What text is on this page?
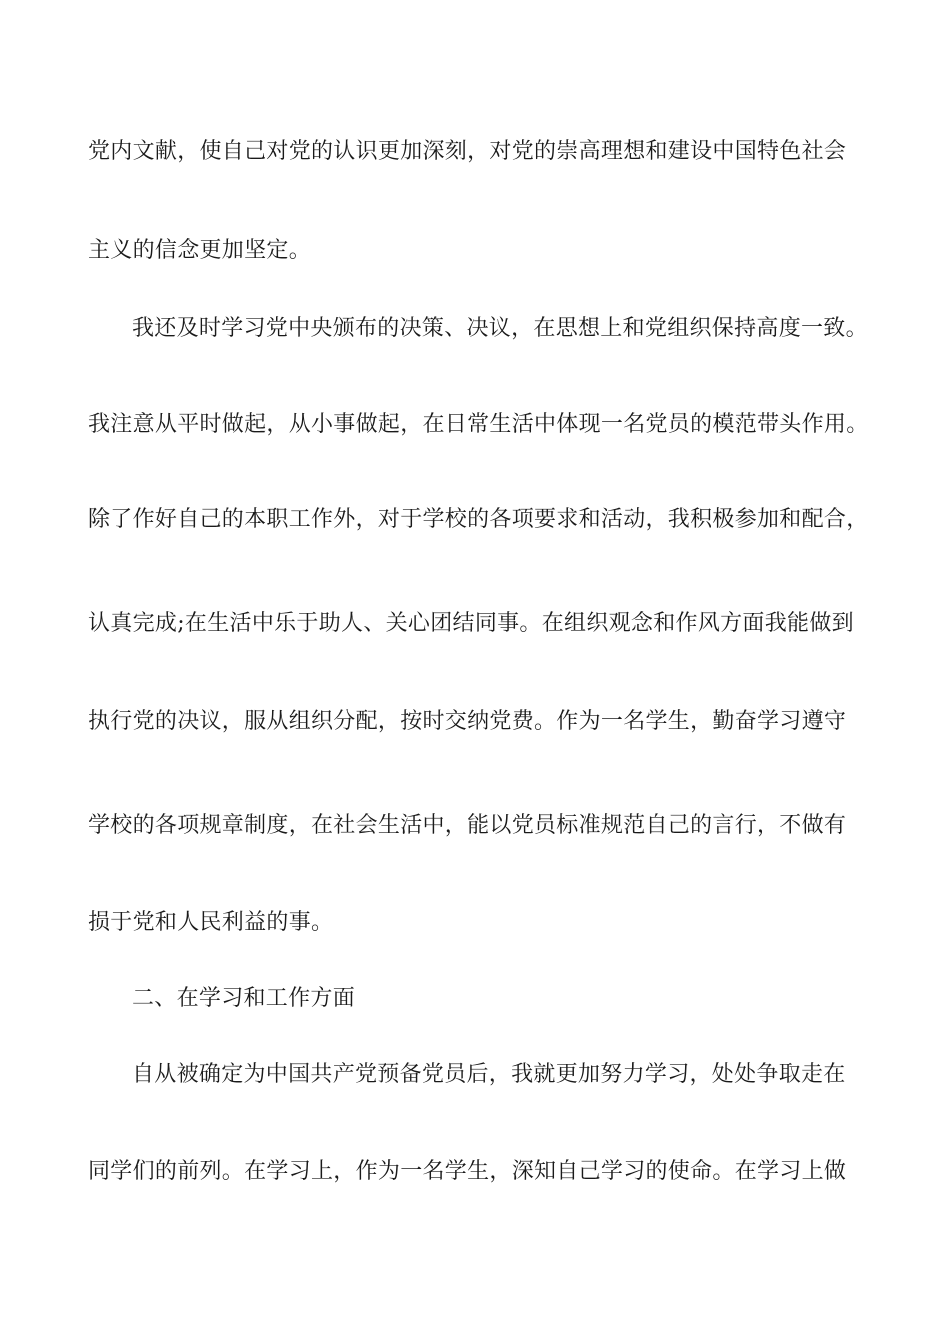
党内文献，使自己对党的认识更加深刻，对党的崇高理想和建设中国特色社会
主义的信念更加坚定。
我还及时学习党中央颁布的决策、决议，在思想上和党组织保持高度一致。
我注意从平时做起，从小事做起，在日常生活中体现一名党员的模范带头作用。
除了作好自己的本职工作外，对于学校的各项要求和活动，我积极参加和配合，
认真完成;在生活中乐于助人、关心团结同事。在组织观念和作风方面我能做到
执行党的决议，服从组织分配，按时交纳党费。作为一名学生，勤奋学习遵守
学校的各项规章制度，在社会生活中，能以党员标准规范自己的言行，不做有
损于党和人民利益的事。
二、在学习和工作方面
自从被确定为中国共产党预备党员后，我就更加努力学习，处处争取走在
同学们的前列。在学习上，作为一名学生，深知自己学习的使命。在学习上做
